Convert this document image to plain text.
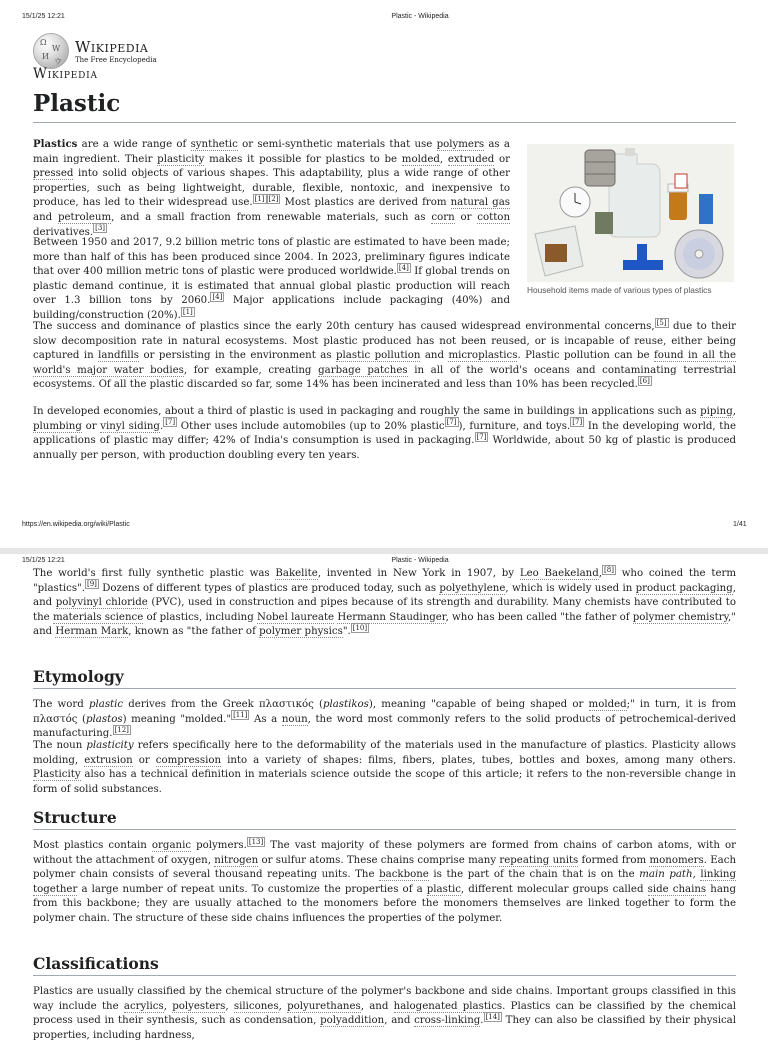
15/1/25 12:21	Plastic - Wikipedia
Ω
W
И
ウ
Wikipedia
The Free Encyclopedia
Wikipedia
Plastic
Household items made of various types of plastics

Plastics are a wide range of synthetic or semi-synthetic materials that use polymers as a main ingredient. Their plasticity makes it possible for plastics to be molded, extruded or pressed into solid objects of various shapes. This adaptability, plus a wide range of other properties, such as being lightweight, durable, flexible, nontoxic, and inexpensive to produce, has led to their widespread use. [1] [2] Most plastics are derived from natural gas and petroleum, and a small fraction from renewable materials, such as corn or cotton derivatives. [3]

Between 1950 and 2017, 9.2 billion metric tons of plastic are estimated to have been made; more than half of this has been produced since 2004. In 2023, preliminary figures indicate that over 400 million metric tons of plastic were produced worldwide. [4] If global trends on plastic demand continue, it is estimated that annual global plastic production will reach over 1.3 billion tons by 2060. [4] Major applications include packaging (40%) and building/construction (20%). [1]

The success and dominance of plastics since the early 20th century has caused widespread environmental concerns, [5] due to their slow decomposition rate in natural ecosystems. Most plastic produced has not been reused, or is incapable of reuse, either being captured in landfills or persisting in the environment as plastic pollution and microplastics. Plastic pollution can be found in all the world's major water bodies, for example, creating garbage patches in all of the world's oceans and contaminating terrestrial ecosystems. Of all the plastic discarded so far, some 14% has been incinerated and less than 10% has been recycled. [6]

In developed economies, about a third of plastic is used in packaging and roughly the same in buildings in applications such as piping, plumbing or vinyl siding. [7] Other uses include automobiles (up to 20% plastic [7] ), furniture, and toys. [7] In the developing world, the applications of plastic may differ; 42% of India's consumption is used in packaging. [7] Worldwide, about 50 kg of plastic is produced annually per person, with production doubling every ten years.

https://en.wikipedia.org/wiki/Plastic	1/41
15/1/25 12:21	Plastic - Wikipedia

The world's first fully synthetic plastic was Bakelite, invented in New York in 1907, by Leo Baekeland, [8] who coined the term "plastics". [9] Dozens of different types of plastics are produced today, such as polyethylene, which is widely used in product packaging, and polyvinyl chloride (PVC), used in construction and pipes because of its strength and durability. Many chemists have contributed to the materials science of plastics, including Nobel laureate Hermann Staudinger, who has been called "the father of polymer chemistry," and Herman Mark, known as "the father of polymer physics". [10]

Etymology

The word plastic derives from the Greek πλαστικός (plastikos), meaning "capable of being shaped or molded;" in turn, it is from πλαστός (plastos) meaning "molded." [11] As a noun, the word most commonly refers to the solid products of petrochemical-derived manufacturing. [12]

The noun plasticity refers specifically here to the deformability of the materials used in the manufacture of plastics. Plasticity allows molding, extrusion or compression into a variety of shapes: films, fibers, plates, tubes, bottles and boxes, among many others. Plasticity also has a technical definition in materials science outside the scope of this article; it refers to the non-reversible change in form of solid substances.

Structure

Most plastics contain organic polymers. [13] The vast majority of these polymers are formed from chains of carbon atoms, with or without the attachment of oxygen, nitrogen or sulfur atoms. These chains comprise many repeating units formed from monomers. Each polymer chain consists of several thousand repeating units. The backbone is the part of the chain that is on the main path, linking together a large number of repeat units. To customize the properties of a plastic, different molecular groups called side chains hang from this backbone; they are usually attached to the monomers before the monomers themselves are linked together to form the polymer chain. The structure of these side chains influences the properties of the polymer.

Classifications

Plastics are usually classified by the chemical structure of the polymer's backbone and side chains. Important groups classified in this way include the acrylics, polyesters, silicones, polyurethanes, and halogenated plastics. Plastics can be classified by the chemical process used in their synthesis, such as condensation, polyaddition, and cross-linking. [14] They can also be classified by their physical properties, including hardness,
